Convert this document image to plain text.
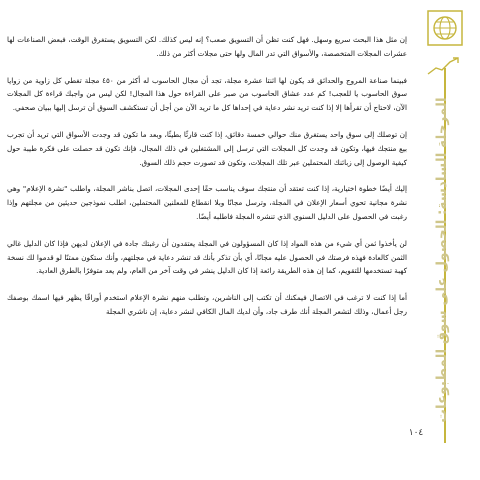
المرحلة السادسة: الحصول على سوق المطبوعات

إن مثل هذا البحث سريع وسهل. فهل كنت تظن أن التسويق صعب؟ إنه ليس كذلك. لكن التسويق يستغرق الوقت، فبعض الصناعات لها عشرات المجلات المتخصصة، والأسواق التي تدر المال ولها حتى مجلات أكثر من ذلك.

فبينما صناعة المروج والحدائق قد يكون لها اثنتا عشرة مجلة، تجد أن مجال الحاسوب له أكثر من ٤٥٠ مجلة تغطي كل زاوية من زوايا سوق الحاسوب يا للعجب! كم عدد عشاق الحاسوب من صبر على القراءة حول هذا المجال! لكن ليس من واجبك قراءة كل المجلات الآن، لاحتاج أن تقرأها إلا إذا كنت تريد نشر دعاية في إحداها كل ما تريد الآن من أجل أن تستكشف السوق أن ترسل إليها ببيان صحفي.

إن توصلك إلى سوق واحد يستغرق منك حوالي خمسة دقائق، إذا كنت قارئًا بطيئًا، وبعد ما تكون قد وجدت الأسواق التي تريد أن تجرب بيع منتجك فيها، وتكون قد وجدت كل المجلات التي ترسل إلى المشتغلين في ذلك المجال، فإنك تكون قد حصلت على فكرة طيبة حول كيفية الوصول إلى زبائنك المحتملين عبر تلك المجلات، وتكون قد تصورت حجم ذلك السوق.

إليك أيضًا خطوة اختيارية، إذا كنت تعتقد أن منتجك سوف يناسب حقًا إحدى المجلات، اتصل بناشر المجلة، واطلب "نشرة الإعلام" وهي نشرة مجانية تحوي أسعار الإعلان في المجلة، وترسل مجانًا وبلا انقطاع للمعلنين المحتملين، اطلب نموذجين حديثين من مجلتهم وإذا رغبت في الحصول على الدليل السنوي الذي تنشره المجلة فاطلبه أيضًا.

لن يأخذوا ثمن أي شيء من هذه المواد إذا كان المسؤولون في المجلة يعتقدون أن رغبتك جادة في الإعلان لديهن فإذا كان الدليل غالي الثمن كالعادة فهذه فرصتك في الحصول عليه مجانًا، أي بأن تذكر بأنك قد تنشر دعاية في مجلتهم، وأنك ستكون ممتنًا لو قدموا لك نسخة كهبة تستخدمها للتقويم، كما إن هذه الطريقة رائعة إذا كان الدليل ينشر في وقت آخر من العام، ولم يعد متوفرًا بالطرق العادية.

أما إذا كنت لا ترغب في الاتصال فيمكنك أن تكتب إلى الناشرين، وتطلب منهم نشرة الإعلام استخدم أوراقًا يظهر فيها اسمك بوصفك رجل أعمال، وذلك لتشعر المجلة أنك طرف جاد، وأن لديك المال الكافي لنشر دعاية، إن ناشري المجلة

١٠٤
